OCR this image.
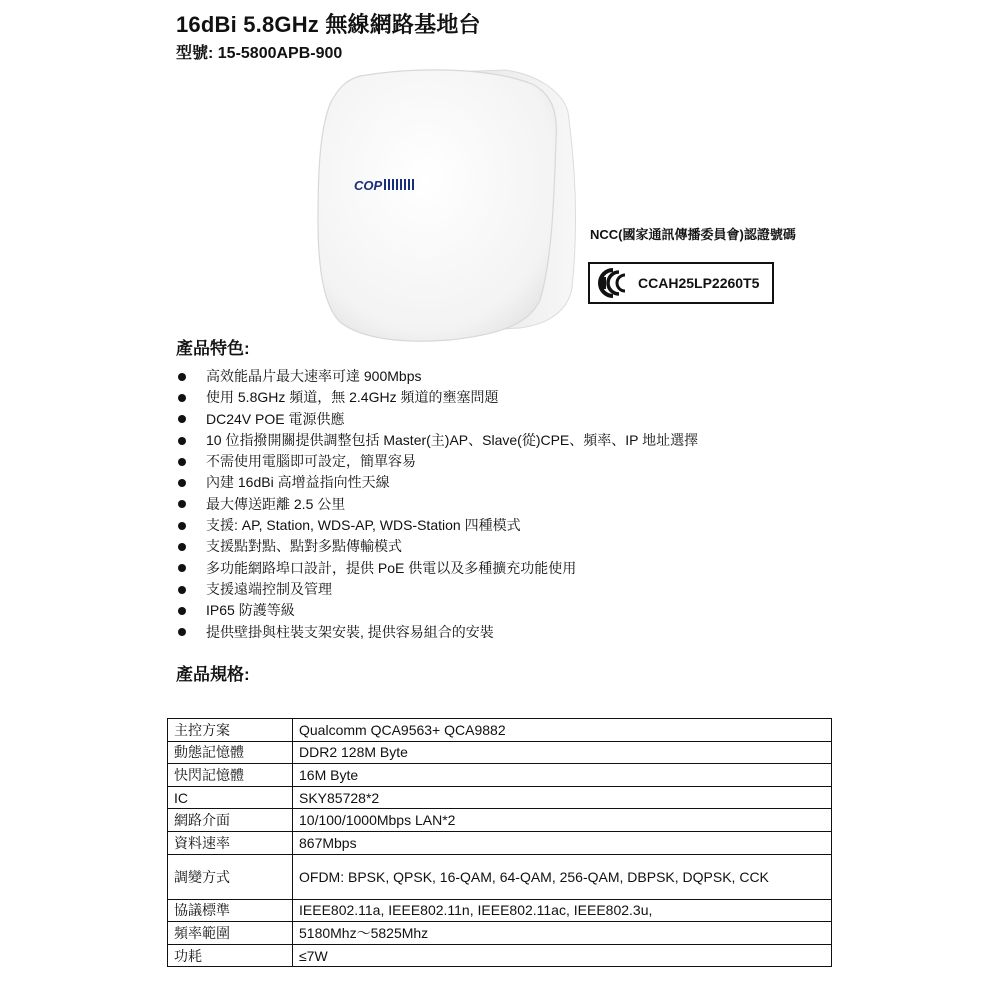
16dBi 5.8GHz 無線網路基地台
型號: 15-5800APB-900
COP
NCC(國家通訊傳播委員會)認證號碼
CCAH25LP2260T5
產品特色:
高效能晶片最大速率可達 900Mbps
使用 5.8GHz 頻道，無 2.4GHz 頻道的壅塞問題
DC24V POE 電源供應
10 位指撥開關提供調整包括 Master(主)AP、Slave(從)CPE、頻率、IP 地址選擇
不需使用電腦即可設定，簡單容易
內建 16dBi 高增益指向性天線
最大傳送距離 2.5 公里
支援: AP, Station, WDS-AP, WDS-Station 四種模式
支援點對點、點對多點傳輸模式
多功能網路埠口設計，提供 PoE 供電以及多種擴充功能使用
支援遠端控制及管理
IP65 防護等級
提供壁掛與柱裝支架安裝, 提供容易組合的安裝
產品規格:
主控方案	Qualcomm QCA9563+ QCA9882
動態記憶體	DDR2 128M Byte
快閃記憶體	16M Byte
IC	SKY85728*2
網路介面	10/100/1000Mbps LAN*2
資料速率	867Mbps
調變方式	OFDM: BPSK, QPSK, 16-QAM, 64-QAM, 256-QAM, DBPSK, DQPSK, CCK
協議標準	IEEE802.11a, IEEE802.11n, IEEE802.11ac, IEEE802.3u,
頻率範圍	5180Mhz～5825Mhz
功耗	≤7W
